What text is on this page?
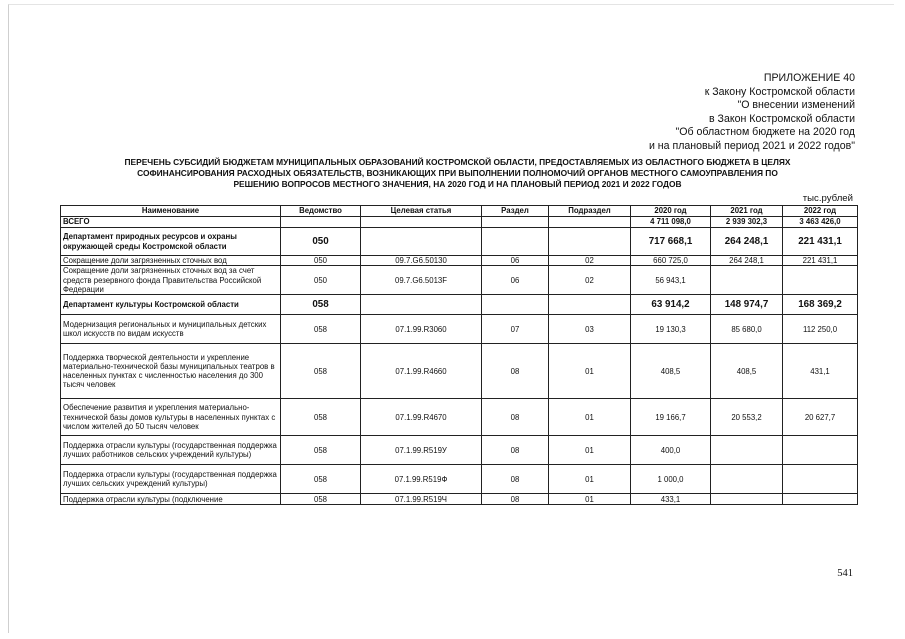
ПРИЛОЖЕНИЕ 40
к Закону Костромской области
"О внесении изменений
в Закон Костромской области
"Об областном бюджете на 2020 год
и на плановый период 2021 и 2022 годов"
ПЕРЕЧЕНЬ СУБСИДИЙ БЮДЖЕТАМ МУНИЦИПАЛЬНЫХ ОБРАЗОВАНИЙ КОСТРОМСКОЙ ОБЛАСТИ, ПРЕДОСТАВЛЯЕМЫХ ИЗ ОБЛАСТНОГО БЮДЖЕТА В ЦЕЛЯХ
СОФИНАНСИРОВАНИЯ РАСХОДНЫХ ОБЯЗАТЕЛЬСТВ, ВОЗНИКАЮЩИХ ПРИ ВЫПОЛНЕНИИ ПОЛНОМОЧИЙ ОРГАНОВ МЕСТНОГО САМОУПРАВЛЕНИЯ ПО
РЕШЕНИЮ ВОПРОСОВ МЕСТНОГО ЗНАЧЕНИЯ, НА 2020 ГОД И НА ПЛАНОВЫЙ ПЕРИОД 2021 И 2022 ГОДОВ
тыс.рублей
Наименование	Ведомство	Целевая статья	Раздел	Подраздел	2020 год	2021 год	2022 год
ВСЕГО					4 711 098,0	2 939 302,3	3 463 426,0
Департамент природных ресурсов и охраны окружающей среды Костромской области	050				717 668,1	264 248,1	221 431,1
Сокращение доли загрязненных сточных вод	050	09.7.G6.50130	06	02	660 725,0	264 248,1	221 431,1
Сокращение доли загрязненных сточных вод за счет средств резервного фонда Правительства Российской Федерации	050	09.7.G6.5013F	06	02	56 943,1		
Департамент культуры Костромской области	058				63 914,2	148 974,7	168 369,2
Модернизация региональных и муниципальных детских школ искусств по видам искусств	058	07.1.99.R3060	07	03	19 130,3	85 680,0	112 250,0
Поддержка творческой деятельности и укрепление материально-технической базы муниципальных театров в населенных пунктах с численностью населения до 300 тысяч человек	058	07.1.99.R4660	08	01	408,5	408,5	431,1
Обеспечение развития и укрепления материально-технической базы домов культуры в населенных пунктах с числом жителей до 50 тысяч человек	058	07.1.99.R4670	08	01	19 166,7	20 553,2	20 627,7
Поддержка отрасли культуры (государственная поддержка лучших работников сельских учреждений культуры)	058	07.1.99.R519У	08	01	400,0		
Поддержка отрасли культуры (государственная поддержка лучших сельских учреждений культуры)	058	07.1.99.R519Ф	08	01	1 000,0		
Поддержка отрасли культуры (подключение	058	07.1.99.R519Ч	08	01	433,1		
541
